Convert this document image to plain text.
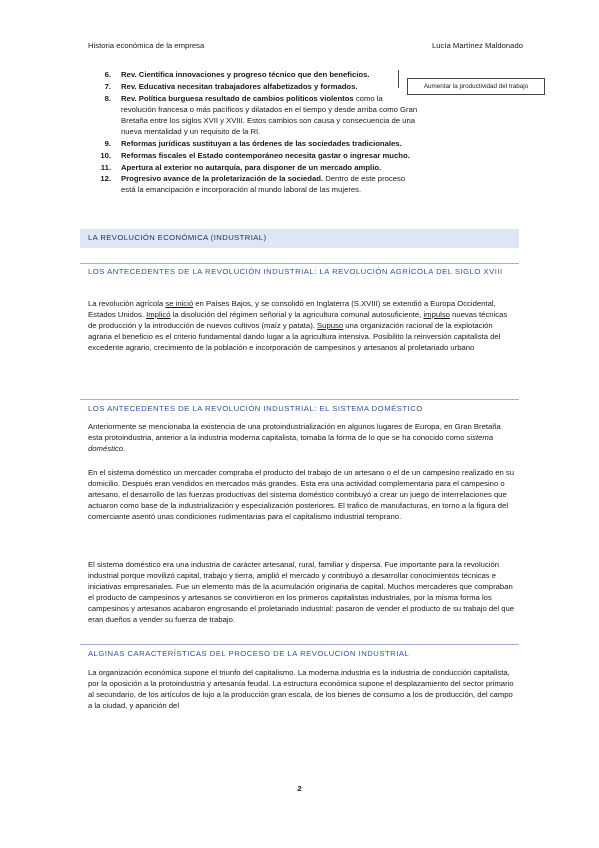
Historia económica de la empresa	Lucía Martínez Maldonado
6.	Rev. Científica innovaciones y progreso técnico que den beneficios.
7.	Rev. Educativa necesitan trabajadores alfabetizados y formados.
8.	Rev. Política burguesa resultado de cambios políticos violentos como la revolución francesa o más pacíficos y dilatados en el tiempo y desde arriba como Gran Bretaña entre los siglos XVII y XVIII. Estos cambios son causa y consecuencia de una nueva mentalidad y un requisito de la RI.
9.	Reformas jurídicas sustituyan a las órdenes de las sociedades tradicionales.
10.	Reformas fiscales el Estado contemporáneo necesita gastar o ingresar mucho.
11.	Apertura al exterior no autarquía, para disponer de un mercado amplio.
12.	Progresivo avance de la proletarización de la sociedad. Dentro de este proceso está la emancipación e incorporación al mundo laboral de las mujeres.
Aumentar la productividad del trabajo
LA REVOLUCIÓN ECONÓMICA (INDUSTRIAL)
LOS ANTECEDENTES DE LA REVOLUCIÓN INDUSTRIAL: LA REVOLUCIÓN AGRÍCOLA DEL SIGLO XVIII

La revolución agrícola se inició en Países Bajos, y se consolidó en Inglaterra (S.XVIII) se extendió a Europa Occidental, Estados Unidos. Implicó la disolución del régimen señorial y la agricultura comunal autosuficiente, impulso nuevas técnicas de producción y la introducción de nuevos cultivos (maíz y patata). Supuso una organización racional de la explotación agraria el beneficio es el criterio fundamental dando lugar a la agricultura intensiva. Posibilito la reinversión capitalista del excedente agrario, crecimiento de la población e incorporación de campesinos y artesanos al proletariado urbano

LOS ANTECEDENTES DE LA REVOLUCIÓN INDUSTRIAL: EL SISTEMA DOMÉSTICO

Anteriormente se mencionaba la existencia de una protoindustrialización en algunos lugares de Europa, en Gran Bretaña esta protoindustria, anterior a la industria moderna capitalista, tomaba la forma de lo que se ha conocido como sistema doméstico.

En el sistema doméstico un mercader compraba el producto del trabajo de un artesano o el de un campesino realizado en su domicilio. Después eran vendidos en mercados más grandes. Esta era una actividad complementaria para el campesino o artesano, el desarrollo de las fuerzas productivas del sistema doméstico contribuyó a crear un juego de interrelaciones que actuaron como base de la industrialización y especialización posteriores. El trafico de manufacturas, en torno a la figura del comerciante asentó unas condiciones rudimentarias para el capitalismo industrial temprano.
El sistema doméstico era una industria de carácter artesanal, rural, familiar y dispersa. Fue importante para la revolución industrial porque movilizó capital, trabajo y tierra, amplió el mercado y contribuyó a desarrollar conocimientos técnicas e iniciativas empresariales. Fue un elemento más de la acumulación originaria de capital. Muchos mercaderes que compraban el producto de campesinos y artesanos se convirtieron en los primeros capitalistas industriales, por la misma forma los campesinos y artesanos acabaron engrosando el proletariado industrial: pasaron de vender el producto de su trabajo del que eran dueños a vender su fuerza de trabajo.
ALGINAS CARACTERÍSTICAS DEL PROCESO DE LA REVOLUCIÓN INDUSTRIAL
La organización económica supone el triunfo del capitalismo. La moderna industria es la industria de conducción capitalista, por la oposición a la protoindustria y artesanía feudal. La estructura económica supone el desplazamiento del sector primario al secundario, de los artículos de lujo a la producción gran escala, de los bienes de consumo a los de producción, del campo a la ciudad, y aparición del
2
